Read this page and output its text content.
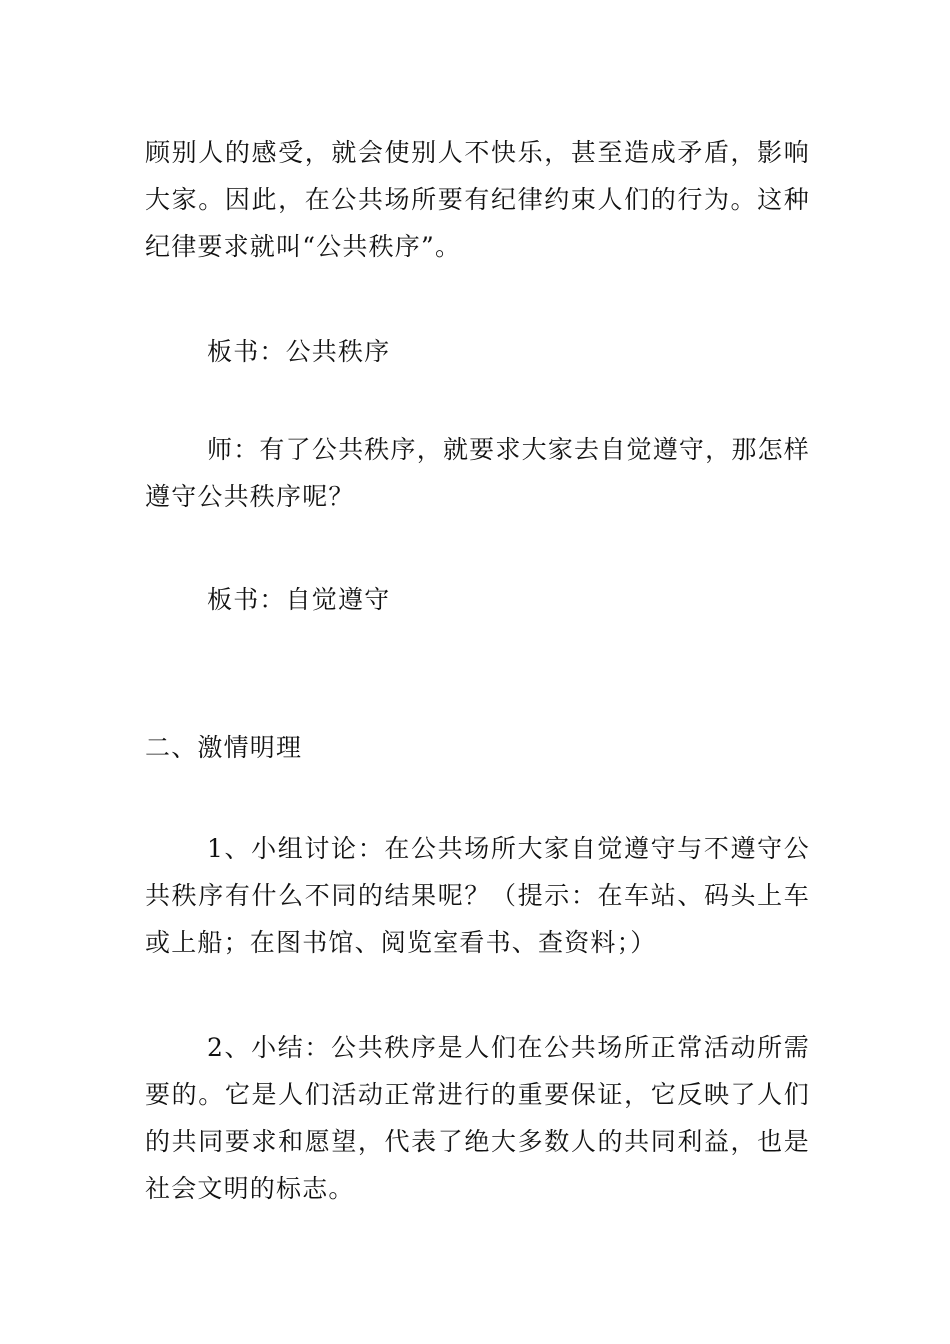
顾别人的感受，就会使别人不快乐，甚至造成矛盾，影响大家。因此，在公共场所要有纪律约束人们的行为。这种纪律要求就叫“公共秩序”。

板书：公共秩序

师：有了公共秩序，就要求大家去自觉遵守，那怎样遵守公共秩序呢？

板书：自觉遵守

二、激情明理

1、小组讨论：在公共场所大家自觉遵守与不遵守公共秩序有什么不同的结果呢？（提示：在车站、码头上车或上船；在图书馆、阅览室看书、查资料；）

2、小结：公共秩序是人们在公共场所正常活动所需要的。它是人们活动正常进行的重要保证，它反映了人们的共同要求和愿望，代表了绝大多数人的共同利益，也是社会文明的标志。
